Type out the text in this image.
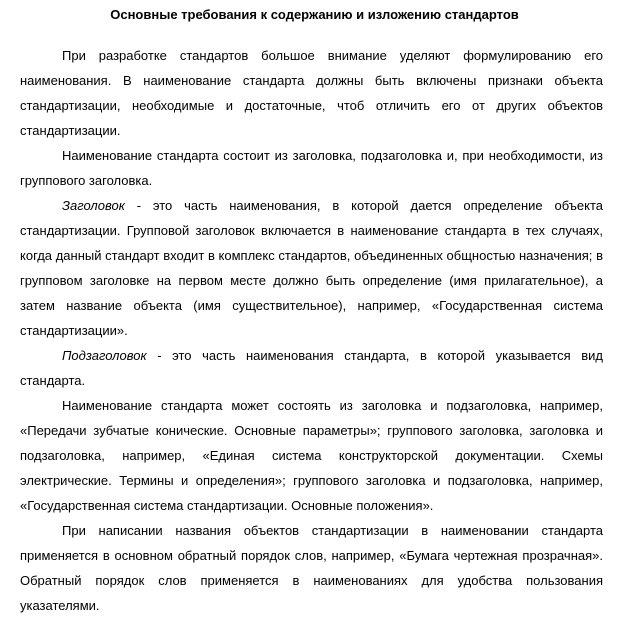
Основные требования к содержанию и изложению стандартов

При разработке стандартов большое внимание уделяют формулированию его наименования. В наименование стандарта должны быть включены признаки объекта стандартизации, необходимые и достаточные, чтоб отличить его от других объектов стандартизации.

Наименование стандарта состоит из заголовка, подзаголовка и, при необходимости, из группового заголовка.

Заголовок - это часть наименования, в которой дается определение объекта стандартизации. Групповой заголовок включается в наименование стандарта в тех случаях, когда данный стандарт входит в комплекс стандартов, объединенных общностью назначения; в групповом заголовке на первом месте должно быть определение (имя прилагательное), а затем название объекта (имя существительное), например, «Государственная система стандартизации».

Подзаголовок - это часть наименования стандарта, в которой указывается вид стандарта.

Наименование стандарта может состоять из заголовка и подзаголовка, например, «Передачи зубчатые конические. Основные параметры»; группового заголовка, заголовка и подзаголовка, например, «Единая система конструкторской документации. Схемы электрические. Термины и определения»; группового заголовка и подзаголовка, например, «Государственная система стандартизации. Основные положения».

При написании названия объектов стандартизации в наименовании стандарта применяется в основном обратный порядок слов, например, «Бумага чертежная прозрачная». Обратный порядок слов применяется в наименованиях для удобства пользования указателями.
